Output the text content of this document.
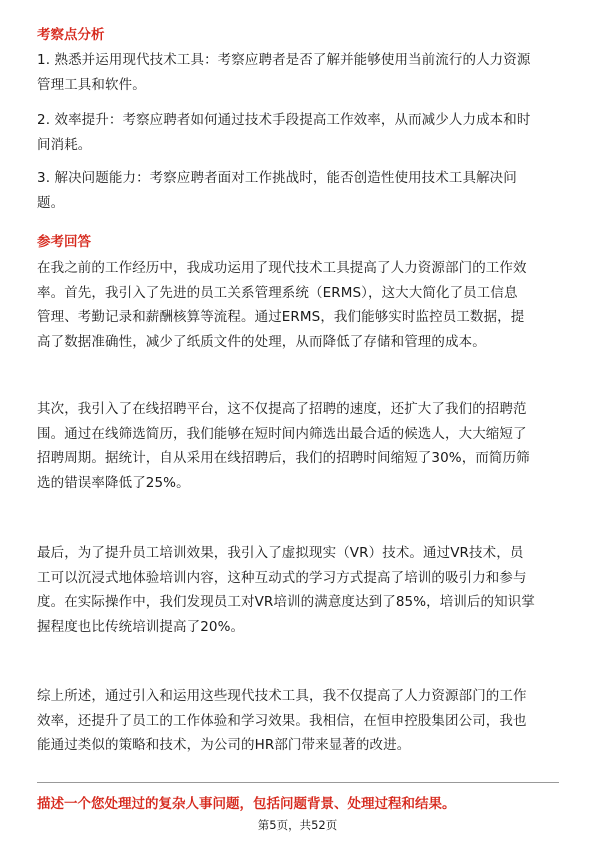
考察点分析

1. 熟悉并运用现代技术工具：考察应聘者是否了解并能够使用当前流行的人力资源
管理工具和软件。

2. 效率提升：考察应聘者如何通过技术手段提高工作效率，从而减少人力成本和时
间消耗。

3. 解决问题能力：考察应聘者面对工作挑战时，能否创造性使用技术工具解决问
题。

参考回答

在我之前的工作经历中，我成功运用了现代技术工具提高了人力资源部门的工作效
率。首先，我引入了先进的员工关系管理系统（ERMS），这大大简化了员工信息
管理、考勤记录和薪酬核算等流程。通过ERMS，我们能够实时监控员工数据，提
高了数据准确性，减少了纸质文件的处理，从而降低了存储和管理的成本。

其次，我引入了在线招聘平台，这不仅提高了招聘的速度，还扩大了我们的招聘范
围。通过在线筛选简历，我们能够在短时间内筛选出最合适的候选人，大大缩短了
招聘周期。据统计，自从采用在线招聘后，我们的招聘时间缩短了30%，而简历筛
选的错误率降低了25%。

最后，为了提升员工培训效果，我引入了虚拟现实（VR）技术。通过VR技术，员
工可以沉浸式地体验培训内容，这种互动式的学习方式提高了培训的吸引力和参与
度。在实际操作中，我们发现员工对VR培训的满意度达到了85%，培训后的知识掌
握程度也比传统培训提高了20%。

综上所述，通过引入和运用这些现代技术工具，我不仅提高了人力资源部门的工作
效率，还提升了员工的工作体验和学习效果。我相信，在恒申控股集团公司，我也
能通过类似的策略和技术，为公司的HR部门带来显著的改进。

描述一个您处理过的复杂人事问题，包括问题背景、处理过程和结果。

第5页，共52页
